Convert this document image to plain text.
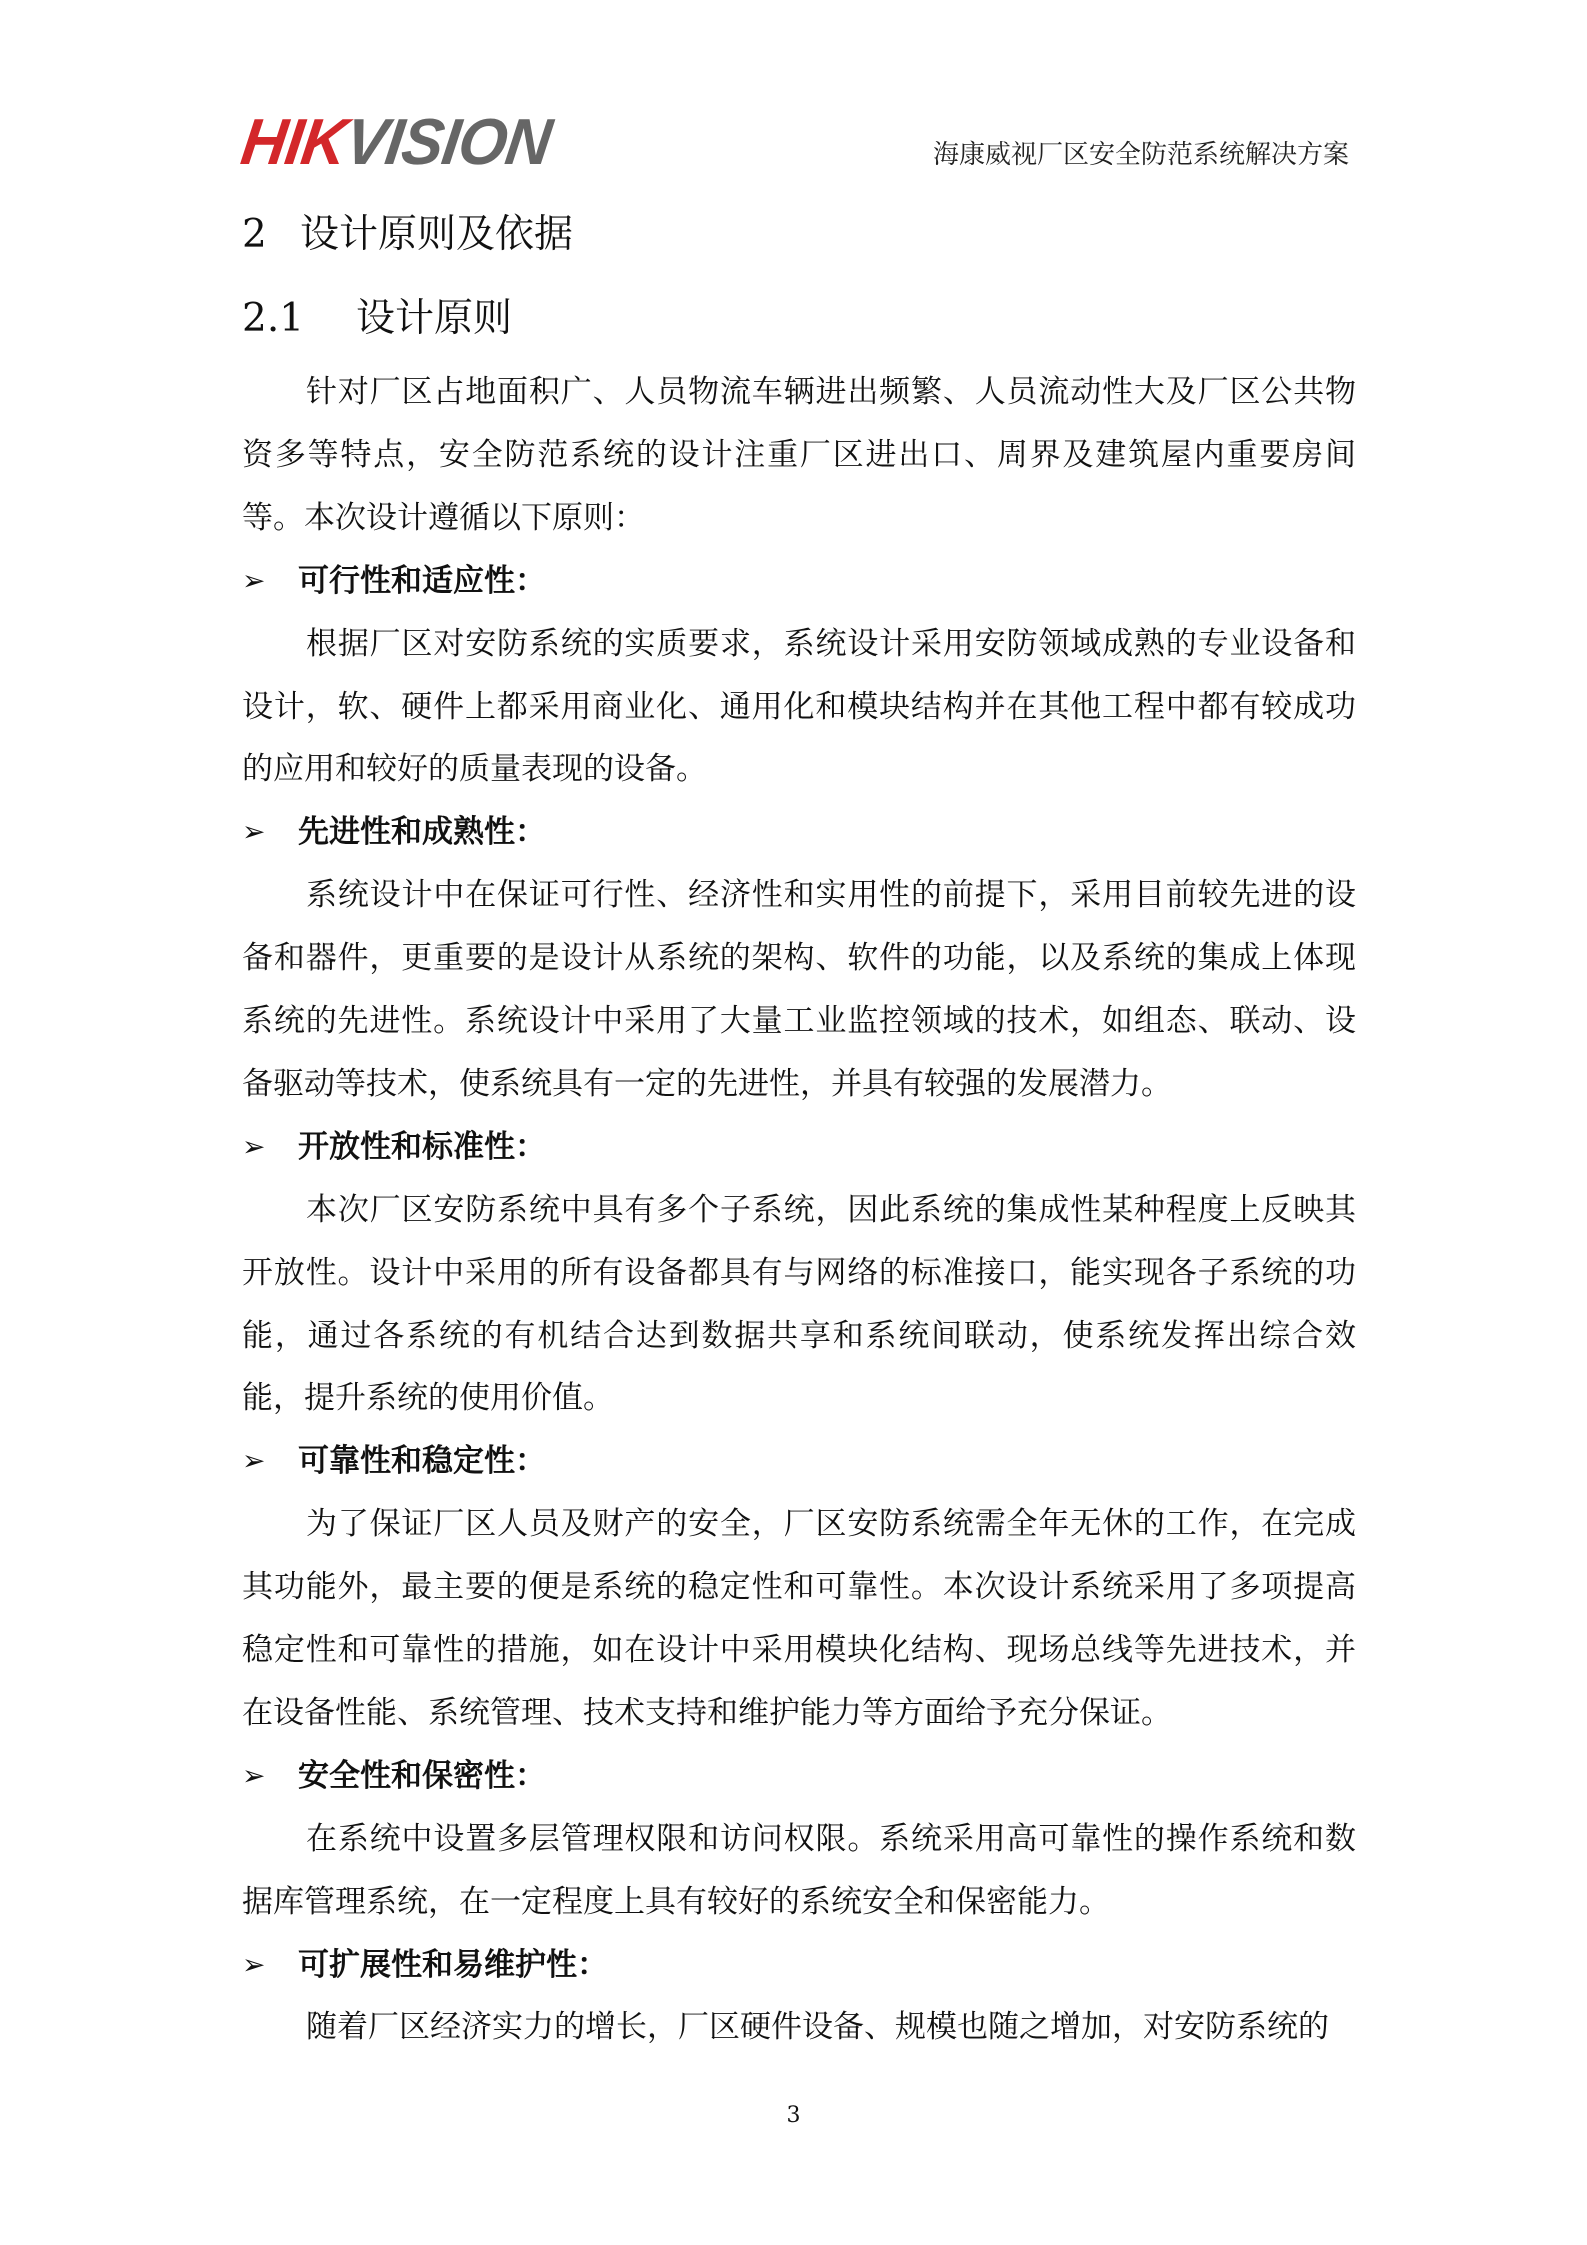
HIKVISION	海康威视厂区安全防范系统解决方案
2 设计原则及依据
2.1 设计原则

针对厂区占地面积广、人员物流车辆进出频繁、人员流动性大及厂区公共物资多等特点，安全防范系统的设计注重厂区进出口、周界及建筑屋内重要房间等。本次设计遵循以下原则：

➢	可行性和适应性：

根据厂区对安防系统的实质要求，系统设计采用安防领域成熟的专业设备和设计，软、硬件上都采用商业化、通用化和模块结构并在其他工程中都有较成功的应用和较好的质量表现的设备。

➢	先进性和成熟性：

系统设计中在保证可行性、经济性和实用性的前提下，采用目前较先进的设备和器件，更重要的是设计从系统的架构、软件的功能，以及系统的集成上体现系统的先进性。系统设计中采用了大量工业监控领域的技术，如组态、联动、设备驱动等技术，使系统具有一定的先进性，并具有较强的发展潜力。

➢	开放性和标准性：

本次厂区安防系统中具有多个子系统，因此系统的集成性某种程度上反映其开放性。设计中采用的所有设备都具有与网络的标准接口，能实现各子系统的功能，通过各系统的有机结合达到数据共享和系统间联动，使系统发挥出综合效能，提升系统的使用价值。

➢	可靠性和稳定性：

为了保证厂区人员及财产的安全，厂区安防系统需全年无休的工作，在完成其功能外，最主要的便是系统的稳定性和可靠性。本次设计系统采用了多项提高稳定性和可靠性的措施，如在设计中采用模块化结构、现场总线等先进技术，并在设备性能、系统管理、技术支持和维护能力等方面给予充分保证。

➢	安全性和保密性：

在系统中设置多层管理权限和访问权限。系统采用高可靠性的操作系统和数据库管理系统，在一定程度上具有较好的系统安全和保密能力。

➢	可扩展性和易维护性：

随着厂区经济实力的增长，厂区硬件设备、规模也随之增加，对安防系统的

3
